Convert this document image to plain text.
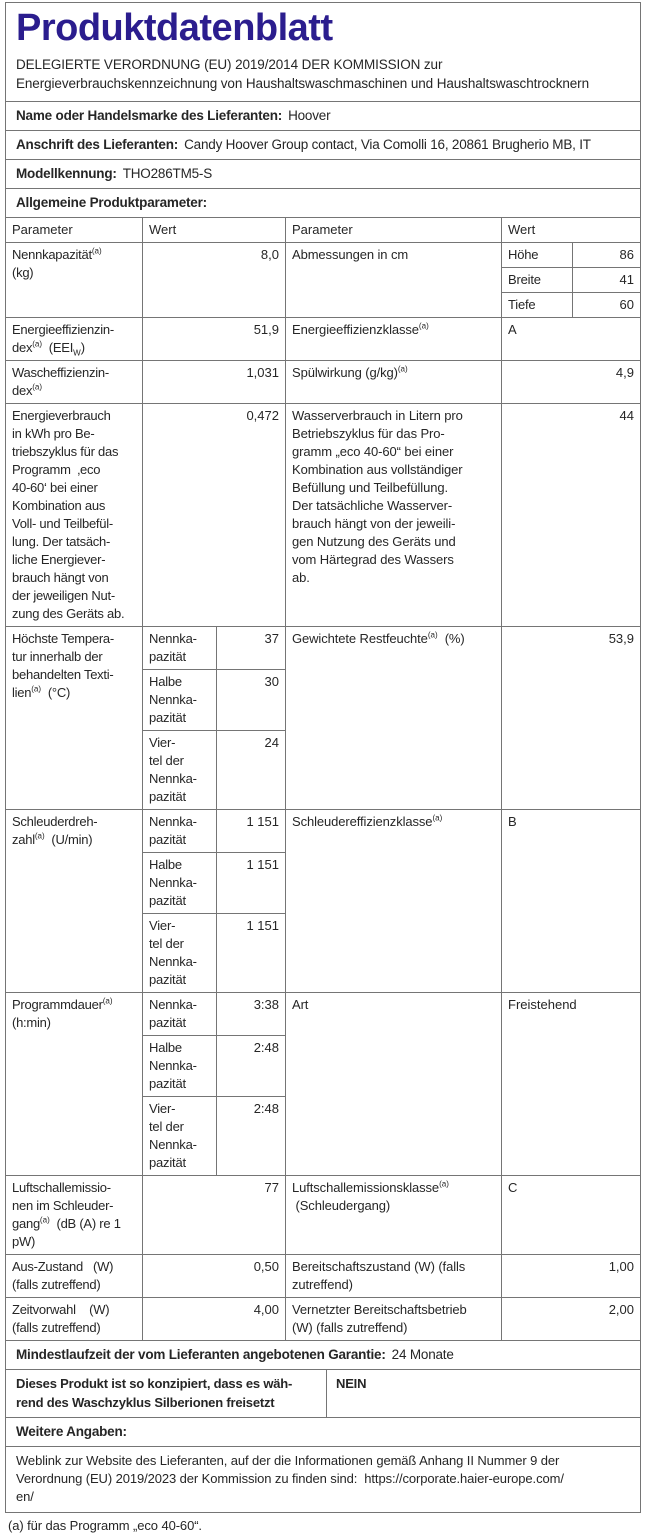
Produktdatenblatt

DELEGIERTE VERORDNUNG (EU) 2019/2014 DER KOMMISSION zur
Energieverbrauchskennzeichnung von Haushaltswaschmaschinen und Haushaltswaschtrocknern

Name oder Handelsmarke des Lieferanten: Hoover
Anschrift des Lieferanten: Candy Hoover Group contact, Via Comolli 16, 20861 Brugherio MB, IT
Modellkennung: THO286TM5-S
Allgemeine Produktparameter:
Parameter	Wert		Parameter	Wert	
Nennkapazität$^{(a)}$
(kg)	8,0		Abmessungen in cm	Höhe	86
				Breite	41
				Tiefe	60
Energieeffizienzin-
dex$^{(a)}$  $(EEI_W)$	51,9		Energieeffizienzklasse$^{(a)}$	A	
Wascheffizienzin-
dex$^{(a)}$	1,031		Spülwirkung $(g/kg)^{(a)}$	4,9	
Energieverbrauch
in kWh pro Be-
triebszyklus für das
Programm  ‚eco
40-60‘ bei einer
Kombination aus
Voll- und Teilbefül-
lung. Der tatsäch-
liche Energiever-
brauch hängt von
der jeweiligen Nut-
zung des Geräts ab.	0,472	Wasserverbrauch in Litern pro
Betriebszyklus für das Pro-
gramm „eco 40-60“ bei einer
Kombination aus vollständiger
Befüllung und Teilbefüllung.
Der tatsächliche Wasserver-
brauch hängt von der jeweili-
gen Nutzung des Geräts und
vom Härtegrad des Wassers
ab.	44
Höchste Tempera-
tur innerhalb der
behandelten Texti-
lien$^{(a)}$  (°C)	Nennka-
pazität	37	Gewichtete Restfeuchte$^{(a)}$  (%)	53,9	
	Halbe
Nennka-
pazität	30			
	Vier-
tel der
Nennka-
pazität	24			
Schleuderdreh-
zahl$^{(a)}$  (U/min)	Nennka-
pazität	1 151	Schleudereffizienzklasse$^{(a)}$	B	
	Halbe
Nennka-
pazität	1 151			
	Vier-
tel der
Nennka-
pazität	1 151			
Programmdauer$^{(a)}$
(h:min)	Nennka-
pazität	3:38	Art	Freistehend	
	Halbe
Nennka-
pazität	2:48			
	Vier-
tel der
Nennka-
pazität	2:48			
Luftschallemissio-
nen im Schleuder-
gang$^{(a)}$  (dB (A) re 1
pW)	77		Luftschallemissionsklasse$^{(a)}$
(Schleudergang)	C	
Aus-Zustand   (W)
(falls zutreffend)	0,50		Bereitschaftszustand (W) (falls
zutreffend)	1,00	
Zeitvorwahl    (W)
(falls zutreffend)	4,00		Vernetzter Bereitschaftsbetrieb
(W) (falls zutreffend)	2,00	
Mindestlaufzeit der vom Lieferanten angebotenen Garantie: 24 Monate
Dieses Produkt ist so konzipiert, dass es wäh-
rend des Waschzyklus Silberionen freisetzt
NEIN
Weitere Angaben:
Weblink zur Website des Lieferanten, auf der die Informationen gemäß Anhang II Nummer 9 der
Verordnung (EU) 2019/2023 der Kommission zu finden sind:  https://corporate.haier-europe.com/
en/
(a) für das Programm „eco 40-60“.
